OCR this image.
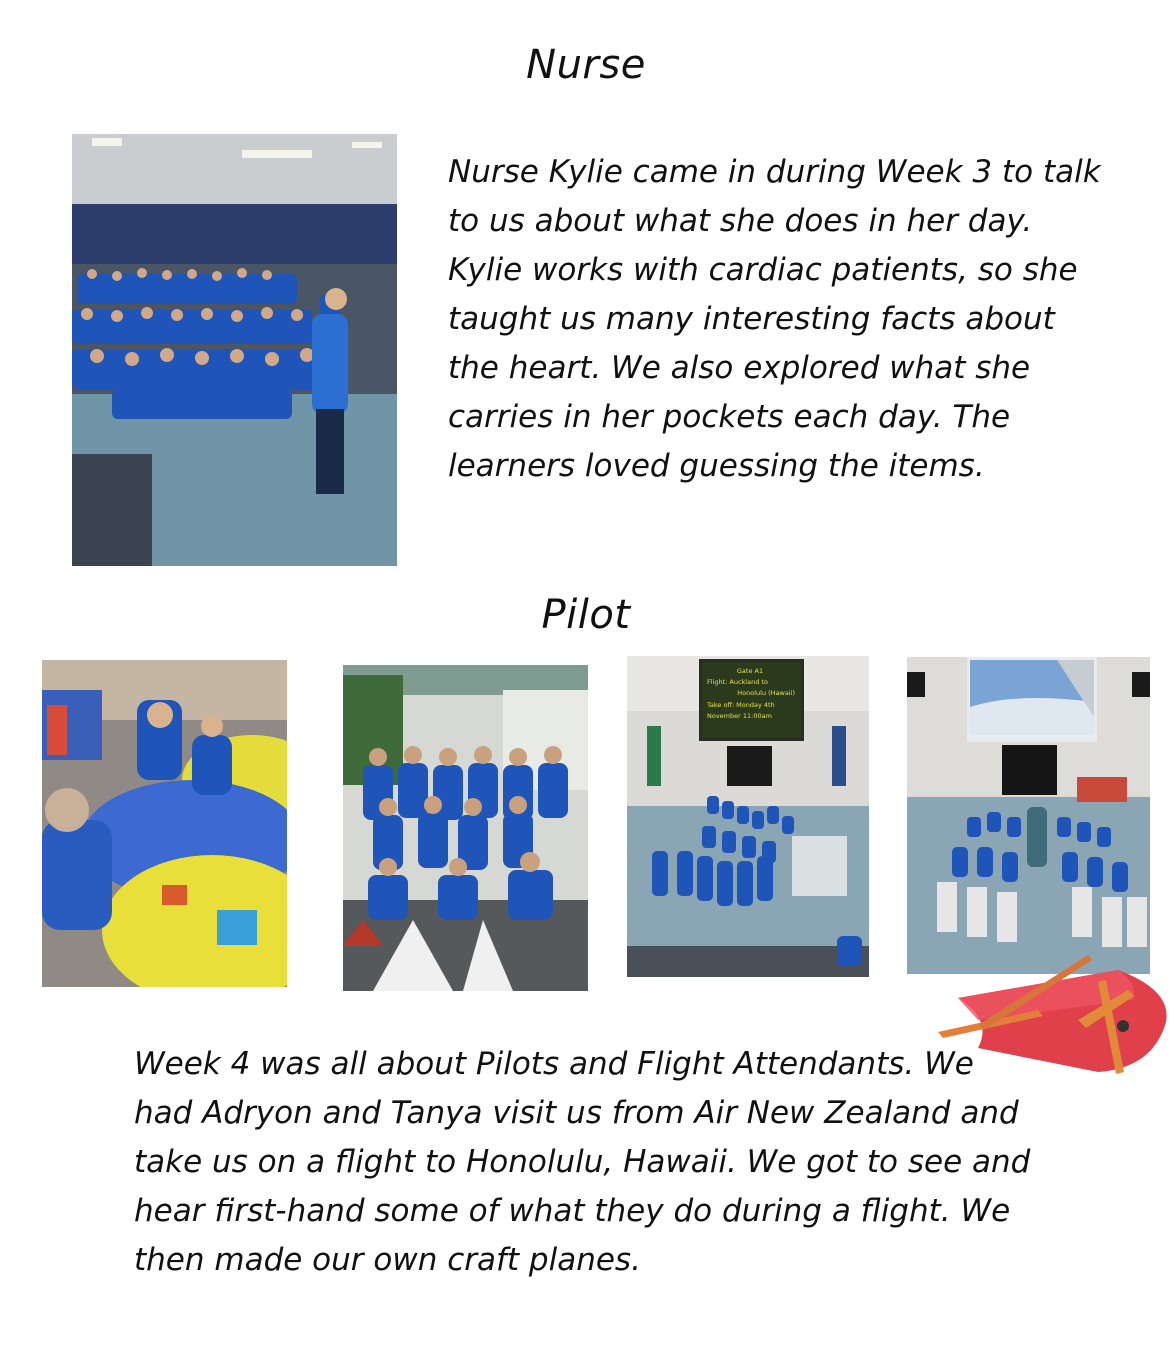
Nurse
Nurse Kylie came in during Week 3 to talk
to us about what she does in her day.
Kylie works with cardiac patients, so she
taught us many interesting facts about
the heart. We also explored what she
carries in her pockets each day. The
learners loved guessing the items.
Pilot
Gate A1
Flight: Auckland to
Honolulu (Hawaii)
Take off: Monday 4th
November 11:00am
Week 4 was all about Pilots and Flight Attendants. We
had Adryon and Tanya visit us from Air New Zealand and
take us on a flight to Honolulu, Hawaii. We got to see and
hear first-hand some of what they do during a flight. We
then made our own craft planes.
